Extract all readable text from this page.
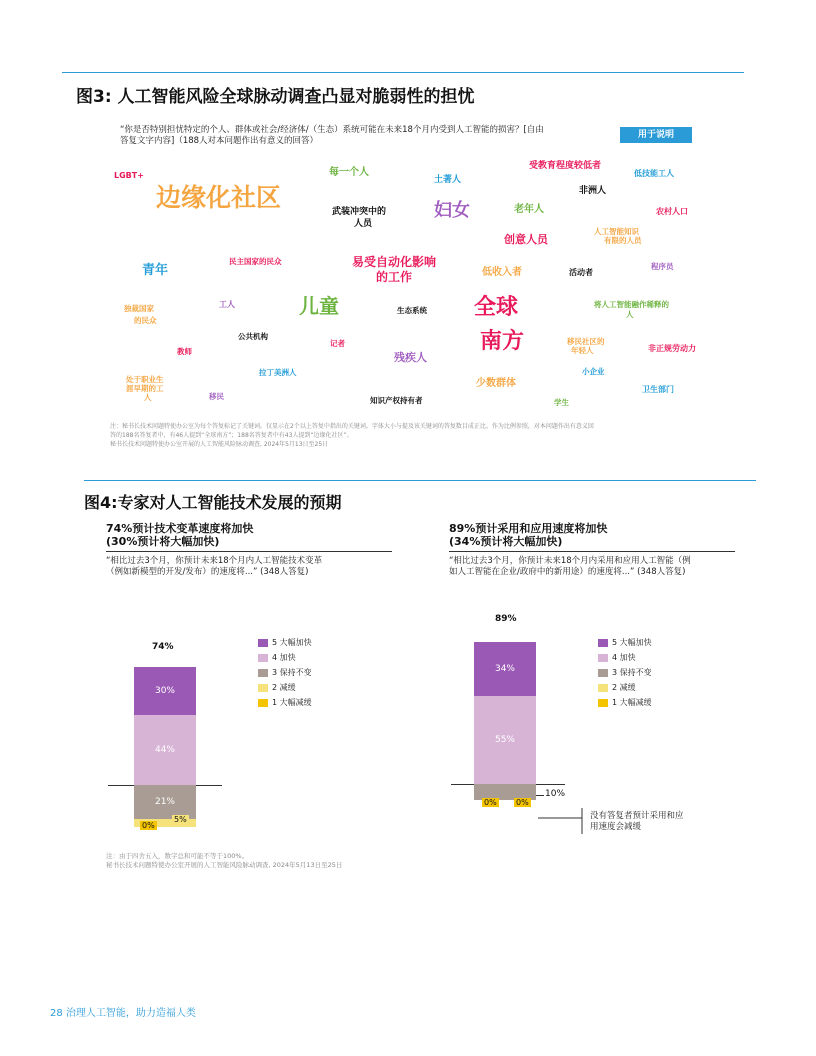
图3: 人工智能风险全球脉动调查凸显对脆弱性的担忧
“你是否特别担忧特定的个人、群体或社会/经济体/（生态）系统可能在未来18个月内受到人工智能的损害？[自由
答复文字内容]（188人对本问题作出有意义的回答）
用于说明
LGBT+
边缘化社区
每一个人
土著人
受教育程度较低者
低技能工人
非洲人
武装冲突中的
人员
妇女	老年人	农村人口
创意人员
人工智能知识
有限的人员
青年
民主国家的民众	易受自动化影响
的工作	低收入者	活动者
程序员
独裁国家
的民众
工人	儿童	生态系统 全球
南方
将人工智能融作稀释的
人
公共机构
记者
教师	残疾人
移民社区的
年轻人	非正规劳动力
拉丁美洲人	小企业
处于职业生
涯早期的工
人	移民
少数群体
卫生部门
知识产权持有者	学生
注：秘书长技术问题特使办公室为每个答复标记了关键词。仅显示在2个以上答复中指出的关键词。字体大小与提及该关键词的答复数目成正比。作为比例参照，对本问题作出有意义回
答的188名答复者中，有46人提到“全球南方”；188名答复者中有43人提到“边缘化社区”。
秘书长技术问题特使办公室开展的人工智能风险脉动调查, 2024年5月13日至25日
图4:专家对人工智能技术发展的预期
74%预计技术变革速度将加快
(30%预计将大幅加快)
“相比过去3个月，你预计未来18个月内人工智能技术变革
（例如新模型的开发/发布）的速度将...” (348人答复)
89%预计采用和应用速度将加快
(34%预计将大幅加快)
“相比过去3个月，你预计未来18个月内采用和应用人工智能（例
如人工智能在企业/政府中的新用途）的速度将...” (348人答复)
74%	5 大幅加快
4 加快
3 保持不变
2 减缓
1 大幅减缓
89%
10%
5 大幅加快
4 加快
3 保持不变
2 减缓
1 大幅减缓
没有答复者预计采用和应
用速度会减缓
注：由于四舍五入，数字总和可能不等于100%。
秘书长技术问题特使办公室开展的人工智能风险脉动调查, 2024年5月13日至25日
28 治理人工智能，助力造福人类
30%
44%
21%
0%
5%
34%
55%
0% 0%
